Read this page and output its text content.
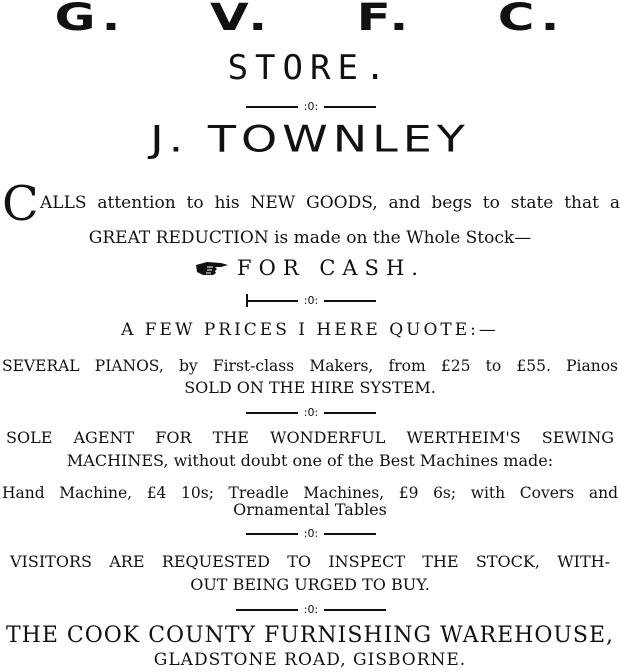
G. V. F. C.
STORE.
:0:
J. TOWNLEY
C ALLS attention to his NEW GOODS, and begs to state that a
GREAT REDUCTION is made on the Whole Stock—
FOR CASH.
:0:
A FEW PRICES I HERE QUOTE:—
SEVERAL PIANOS, by First-class Makers, from £25 to £55. Pianos
SOLD ON THE HIRE SYSTEM.
:0:
SOLE AGENT FOR THE WONDERFUL WERTHEIM'S SEWING
MACHINES, without doubt one of the Best Machines made:
Hand Machine, £4 10s; Treadle Machines, £9 6s; with Covers and
Ornamental Tables
:0:
VISITORS ARE REQUESTED TO INSPECT THE STOCK, WITH-
OUT BEING URGED TO BUY.
:0:
THE COOK COUNTY FURNISHING WAREHOUSE,
GLADSTONE ROAD, GISBORNE.
